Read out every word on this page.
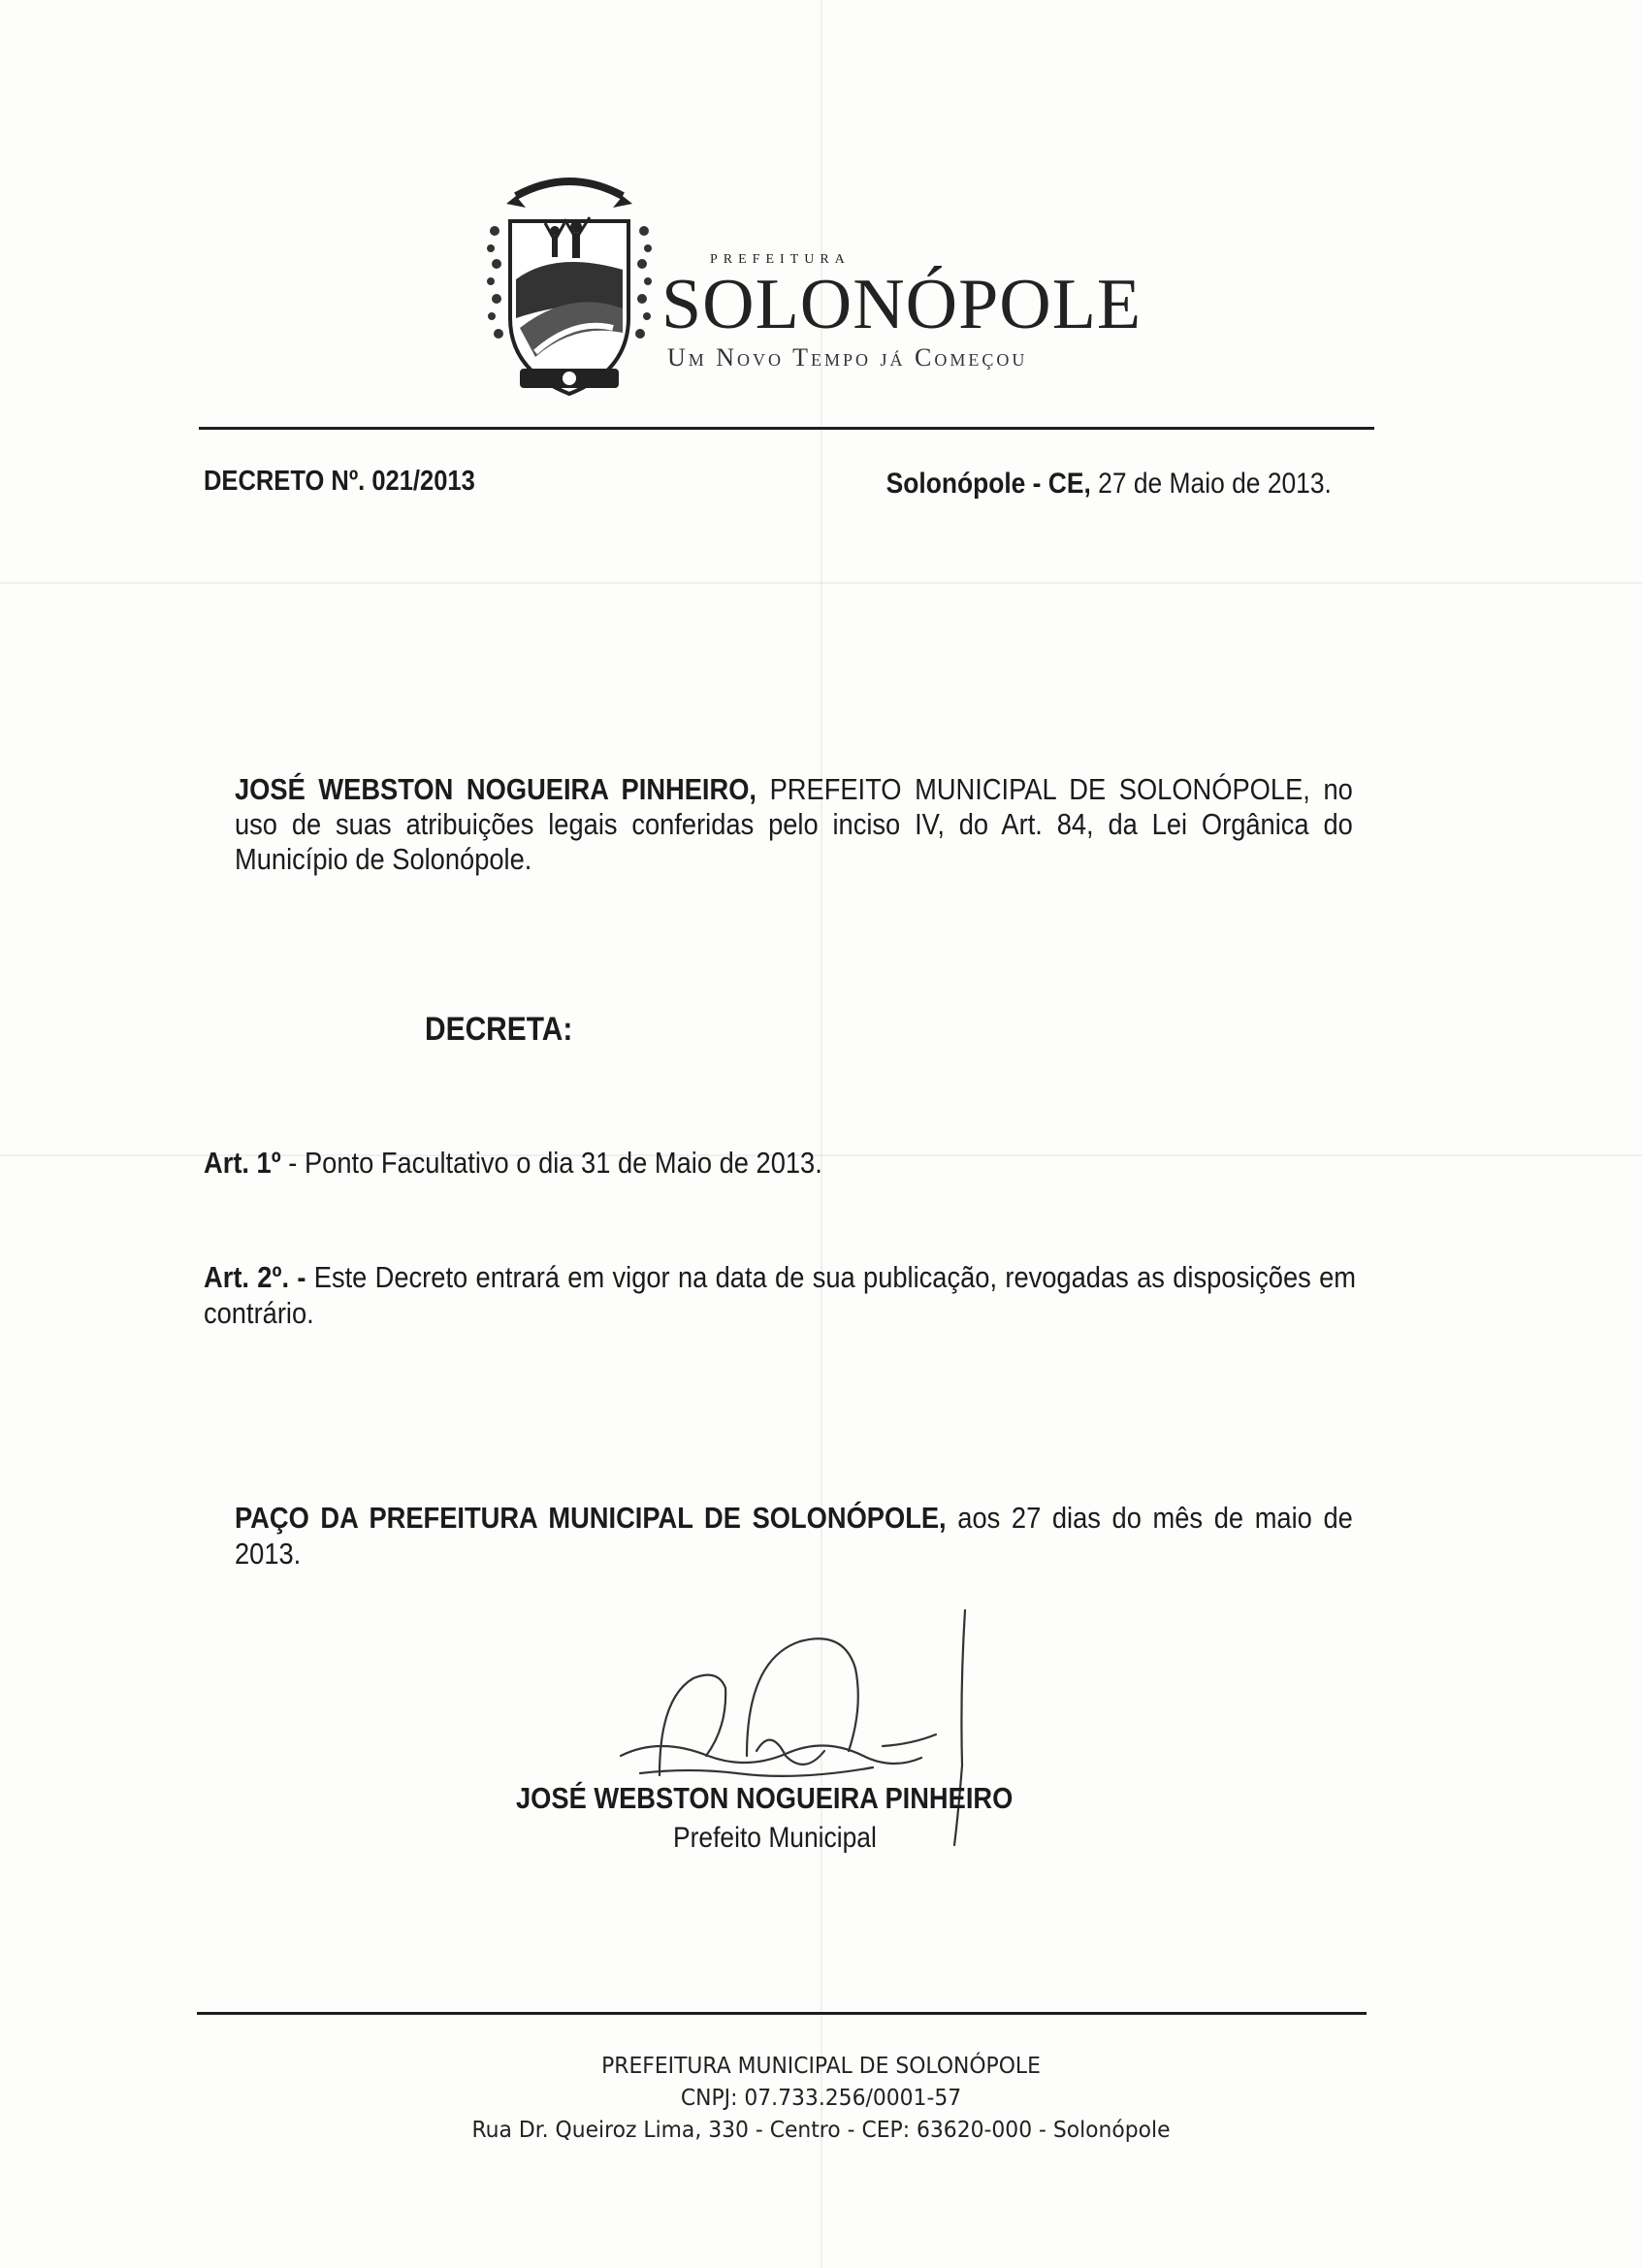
PREFEITURA
SOLONÓPOLE
Um Novo Tempo já Começou
DECRETO Nº. 021/2013	Solonópole - CE, 27 de Maio de 2013.
JOSÉ WEBSTON NOGUEIRA PINHEIRO, PREFEITO MUNICIPAL DE SOLONÓPOLE, no uso de suas atribuições legais conferidas pelo inciso IV, do Art. 84, da Lei Orgânica do Município de Solonópole.
DECRETA:
Art. 1º - Ponto Facultativo o dia 31 de Maio de 2013.
Art. 2º. - Este Decreto entrará em vigor na data de sua publicação, revogadas as disposições em contrário.
PAÇO DA PREFEITURA MUNICIPAL DE SOLONÓPOLE, aos 27 dias do mês de maio de 2013.
JOSÉ WEBSTON NOGUEIRA PINHEIRO
Prefeito Municipal
PREFEITURA MUNICIPAL DE SOLONÓPOLE
CNPJ: 07.733.256/0001-57
Rua Dr. Queiroz Lima, 330 - Centro - CEP: 63620-000 - Solonópole
